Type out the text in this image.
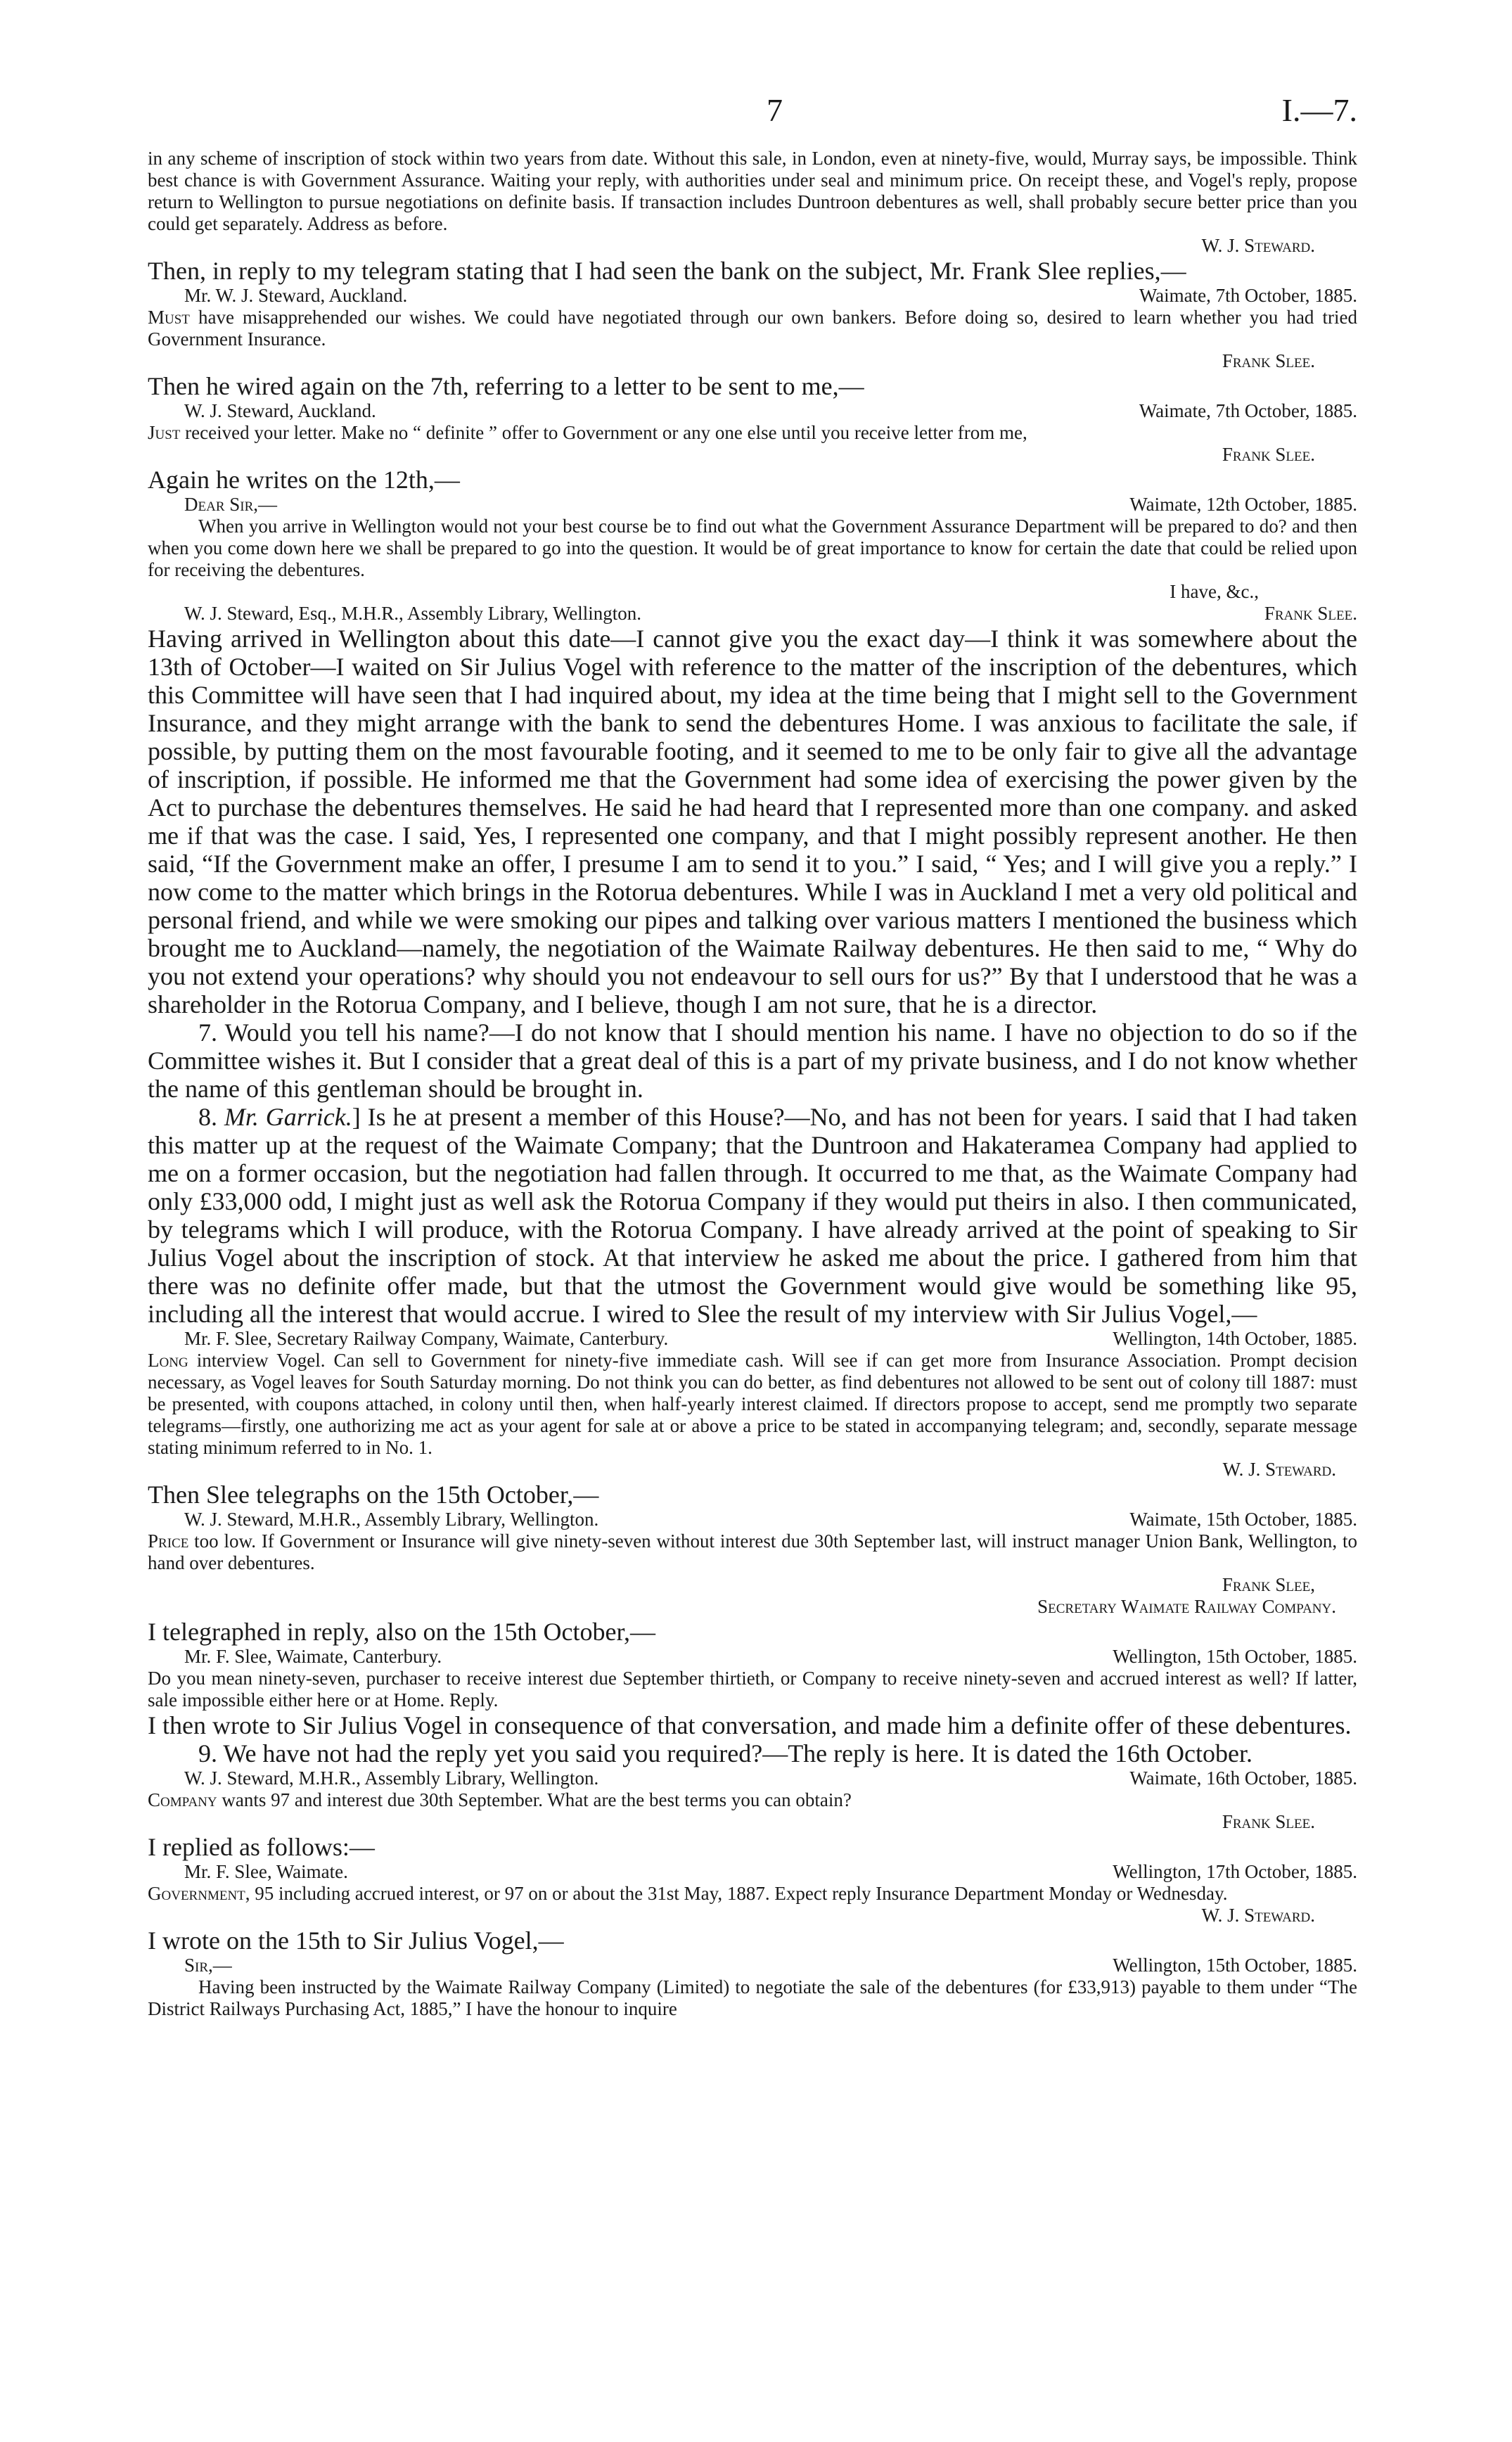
7	I.—7.

in any scheme of inscription of stock within two years from date. Without this sale, in London, even at ninety-five, would, Murray says, be impossible. Think best chance is with Government Assurance. Waiting your reply, with authorities under seal and minimum price. On receipt these, and Vogel's reply, propose return to Wellington to pursue negotiations on definite basis. If transaction includes Duntroon debentures as well, shall probably secure better price than you could get separately. Address as before.

W. J. Steward.

Then, in reply to my telegram stating that I had seen the bank on the subject, Mr. Frank Slee replies,—

Mr. W. J. Steward, Auckland.	Waimate, 7th October, 1885.

Must have misapprehended our wishes. We could have negotiated through our own bankers. Before doing so, desired to learn whether you had tried Government Insurance.

Frank Slee.

Then he wired again on the 7th, referring to a letter to be sent to me,—

W. J. Steward, Auckland.	Waimate, 7th October, 1885.

Just received your letter. Make no “ definite ” offer to Government or any one else until you receive letter from me,

Frank Slee.

Again he writes on the 12th,—

Dear Sir,—	Waimate, 12th October, 1885.

When you arrive in Wellington would not your best course be to find out what the Government Assurance Department will be prepared to do? and then when you come down here we shall be prepared to go into the question. It would be of great importance to know for certain the date that could be relied upon for receiving the debentures.

I have, &c.,
W. J. Steward, Esq., M.H.R., Assembly Library, Wellington.	Frank Slee.

Having arrived in Wellington about this date—I cannot give you the exact day—I think it was somewhere about the 13th of October—I waited on Sir Julius Vogel with reference to the matter of the inscription of the debentures, which this Committee will have seen that I had inquired about, my idea at the time being that I might sell to the Government Insurance, and they might arrange with the bank to send the debentures Home. I was anxious to facilitate the sale, if possible, by putting them on the most favourable footing, and it seemed to me to be only fair to give all the advantage of inscription, if possible. He informed me that the Government had some idea of exercising the power given by the Act to purchase the debentures themselves. He said he had heard that I represented more than one company. and asked me if that was the case. I said, Yes, I represented one company, and that I might possibly represent another. He then said, “If the Government make an offer, I presume I am to send it to you.” I said, “ Yes; and I will give you a reply.” I now come to the matter which brings in the Rotorua debentures. While I was in Auckland I met a very old political and personal friend, and while we were smoking our pipes and talking over various matters I mentioned the business which brought me to Auckland—namely, the negotiation of the Waimate Railway debentures. He then said to me, “ Why do you not extend your operations? why should you not endeavour to sell ours for us?” By that I understood that he was a shareholder in the Rotorua Company, and I believe, though I am not sure, that he is a director.

7. Would you tell his name?—I do not know that I should mention his name. I have no objection to do so if the Committee wishes it. But I consider that a great deal of this is a part of my private business, and I do not know whether the name of this gentleman should be brought in.

8. Mr. Garrick.] Is he at present a member of this House?—No, and has not been for years. I said that I had taken this matter up at the request of the Waimate Company; that the Duntroon and Hakateramea Company had applied to me on a former occasion, but the negotiation had fallen through. It occurred to me that, as the Waimate Company had only £33,000 odd, I might just as well ask the Rotorua Company if they would put theirs in also. I then communicated, by telegrams which I will produce, with the Rotorua Company. I have already arrived at the point of speaking to Sir Julius Vogel about the inscription of stock. At that interview he asked me about the price. I gathered from him that there was no definite offer made, but that the utmost the Government would give would be something like 95, including all the interest that would accrue. I wired to Slee the result of my interview with Sir Julius Vogel,—

Mr. F. Slee, Secretary Railway Company, Waimate, Canterbury.	Wellington, 14th October, 1885.

Long interview Vogel. Can sell to Government for ninety-five immediate cash. Will see if can get more from Insurance Association. Prompt decision necessary, as Vogel leaves for South Saturday morning. Do not think you can do better, as find debentures not allowed to be sent out of colony till 1887: must be presented, with coupons attached, in colony until then, when half-yearly interest claimed. If directors propose to accept, send me promptly two separate telegrams—firstly, one authorizing me act as your agent for sale at or above a price to be stated in accompanying telegram; and, secondly, separate message stating minimum referred to in No. 1.

W. J. Steward.

Then Slee telegraphs on the 15th October,—

W. J. Steward, M.H.R., Assembly Library, Wellington.	Waimate, 15th October, 1885.

Price too low. If Government or Insurance will give ninety-seven without interest due 30th September last, will instruct manager Union Bank, Wellington, to hand over debentures.

Frank Slee,
Secretary Waimate Railway Company.

I telegraphed in reply, also on the 15th October,—

Mr. F. Slee, Waimate, Canterbury.	Wellington, 15th October, 1885.

Do you mean ninety-seven, purchaser to receive interest due September thirtieth, or Company to receive ninety-seven and accrued interest as well? If latter, sale impossible either here or at Home. Reply.

I then wrote to Sir Julius Vogel in consequence of that conversation, and made him a definite offer of these debentures.

9. We have not had the reply yet you said you required?—The reply is here. It is dated the 16th October.

W. J. Steward, M.H.R., Assembly Library, Wellington.	Waimate, 16th October, 1885.

Company wants 97 and interest due 30th September. What are the best terms you can obtain?

Frank Slee.

I replied as follows:—

Mr. F. Slee, Waimate.	Wellington, 17th October, 1885.

Government, 95 including accrued interest, or 97 on or about the 31st May, 1887. Expect reply Insurance Department Monday or Wednesday.

W. J. Steward.

I wrote on the 15th to Sir Julius Vogel,—

Sir,—	Wellington, 15th October, 1885.

Having been instructed by the Waimate Railway Company (Limited) to negotiate the sale of the debentures (for £33,913) payable to them under “The District Railways Purchasing Act, 1885,” I have the honour to inquire
